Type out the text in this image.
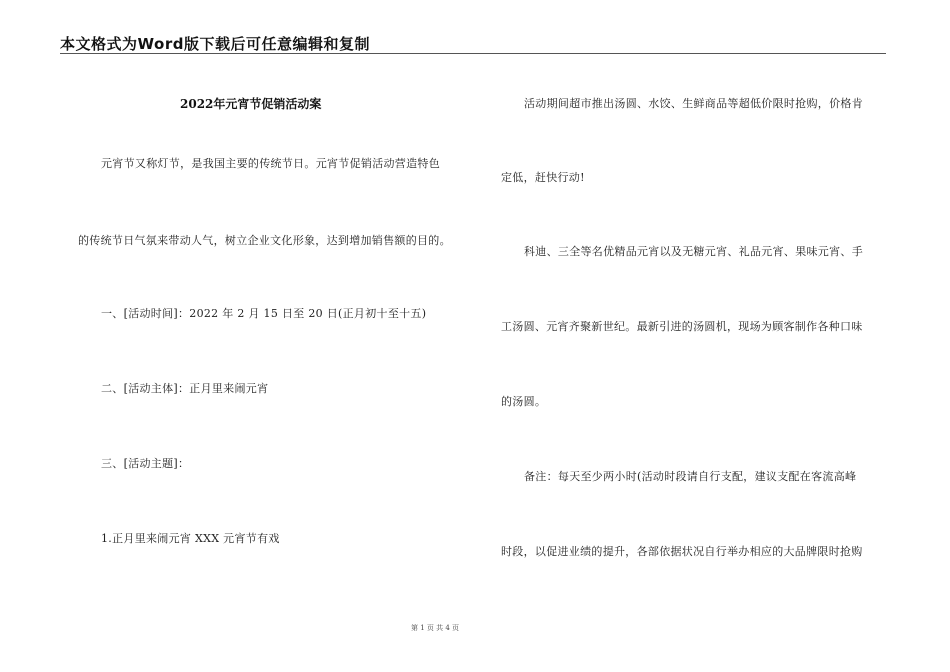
本文格式为Word版下载后可任意编辑和复制
2022年元宵节促销活动案
元宵节又称灯节，是我国主要的传统节日。元宵节促销活动营造特色
的传统节日气氛来带动人气，树立企业文化形象，达到增加销售额的目的。
一、[活动时间]：2022 年 2 月 15 日至 20 日(正月初十至十五)
二、[活动主体]：正月里来闹元宵
三、[活动主题]：
1.正月里来闹元宵 XXX 元宵节有戏
活动期间超市推出汤圆、水饺、生鲜商品等超低价限时抢购，价格肯
定低，赶快行动!
科迪、三全等名优精品元宵以及无糖元宵、礼品元宵、果味元宵、手
工汤圆、元宵齐聚新世纪。最新引进的汤圆机，现场为顾客制作各种口味
的汤圆。
备注：每天至少两小时(活动时段请自行支配，建议支配在客流高峰
时段，以促进业绩的提升，各部依据状况自行举办相应的大品牌限时抢购
第 1 页 共 4 页
